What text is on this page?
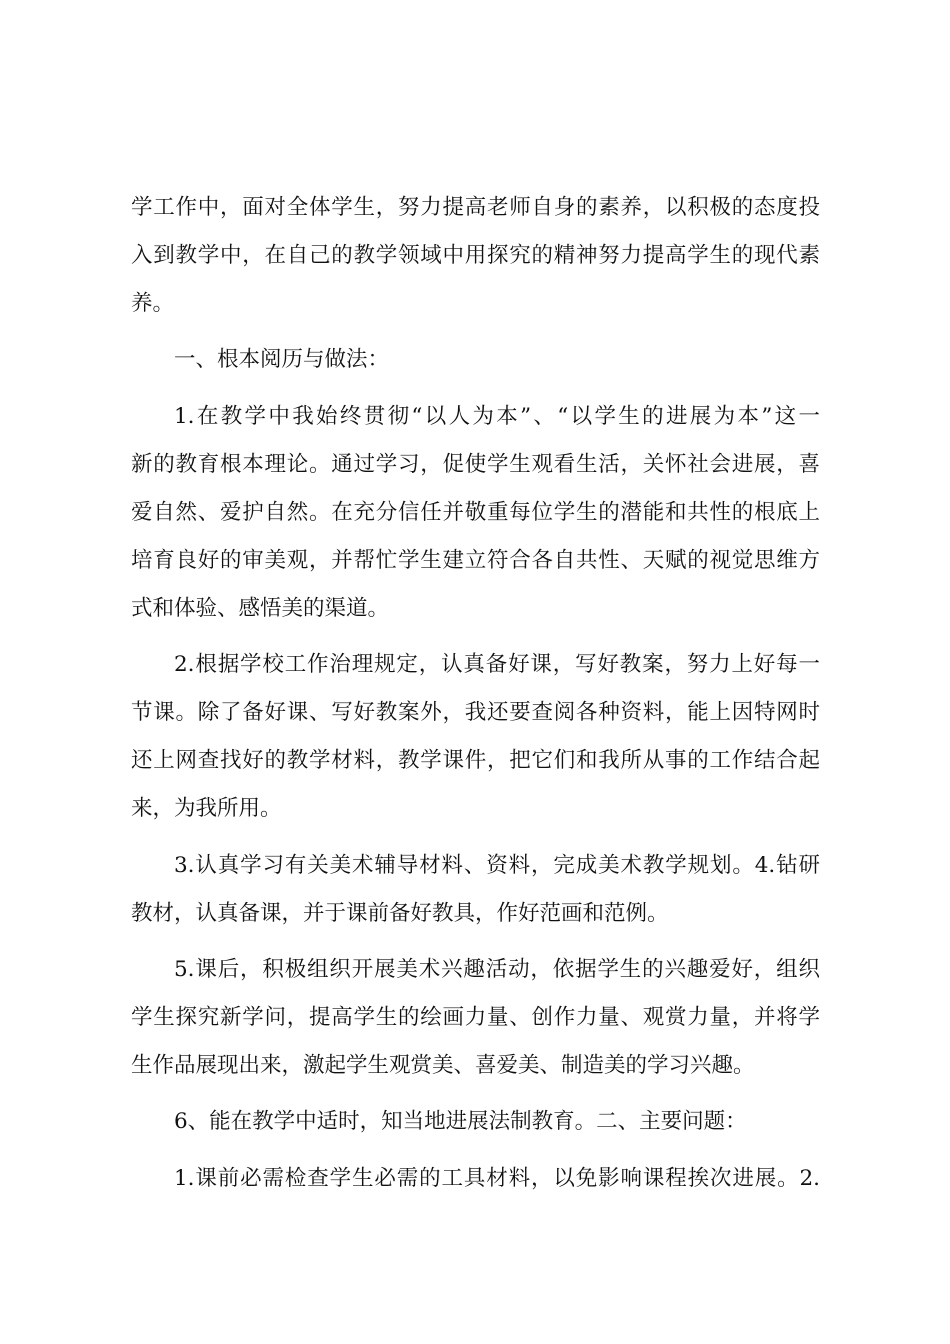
学工作中，面对全体学生，努力提高老师自身的素养，以积极的态度投
入到教学中，在自己的教学领域中用探究的精神努力提高学生的现代素
养。
一、根本阅历与做法：
1.在教学中我始终贯彻“以人为本”、“以学生的进展为本”这一
新的教育根本理论。通过学习，促使学生观看生活，关怀社会进展，喜
爱自然、爱护自然。在充分信任并敬重每位学生的潜能和共性的根底上
培育良好的审美观，并帮忙学生建立符合各自共性、天赋的视觉思维方
式和体验、感悟美的渠道。
2.根据学校工作治理规定，认真备好课，写好教案，努力上好每一
节课。除了备好课、写好教案外，我还要查阅各种资料，能上因特网时
还上网查找好的教学材料，教学课件，把它们和我所从事的工作结合起
来，为我所用。
3.认真学习有关美术辅导材料、资料，完成美术教学规划。4.钻研
教材，认真备课，并于课前备好教具，作好范画和范例。
5.课后，积极组织开展美术兴趣活动，依据学生的兴趣爱好，组织
学生探究新学问，提高学生的绘画力量、创作力量、观赏力量，并将学
生作品展现出来，激起学生观赏美、喜爱美、制造美的学习兴趣。
6、能在教学中适时，知当地进展法制教育。二、主要问题：
1.课前必需检查学生必需的工具材料，以免影响课程挨次进展。2.
